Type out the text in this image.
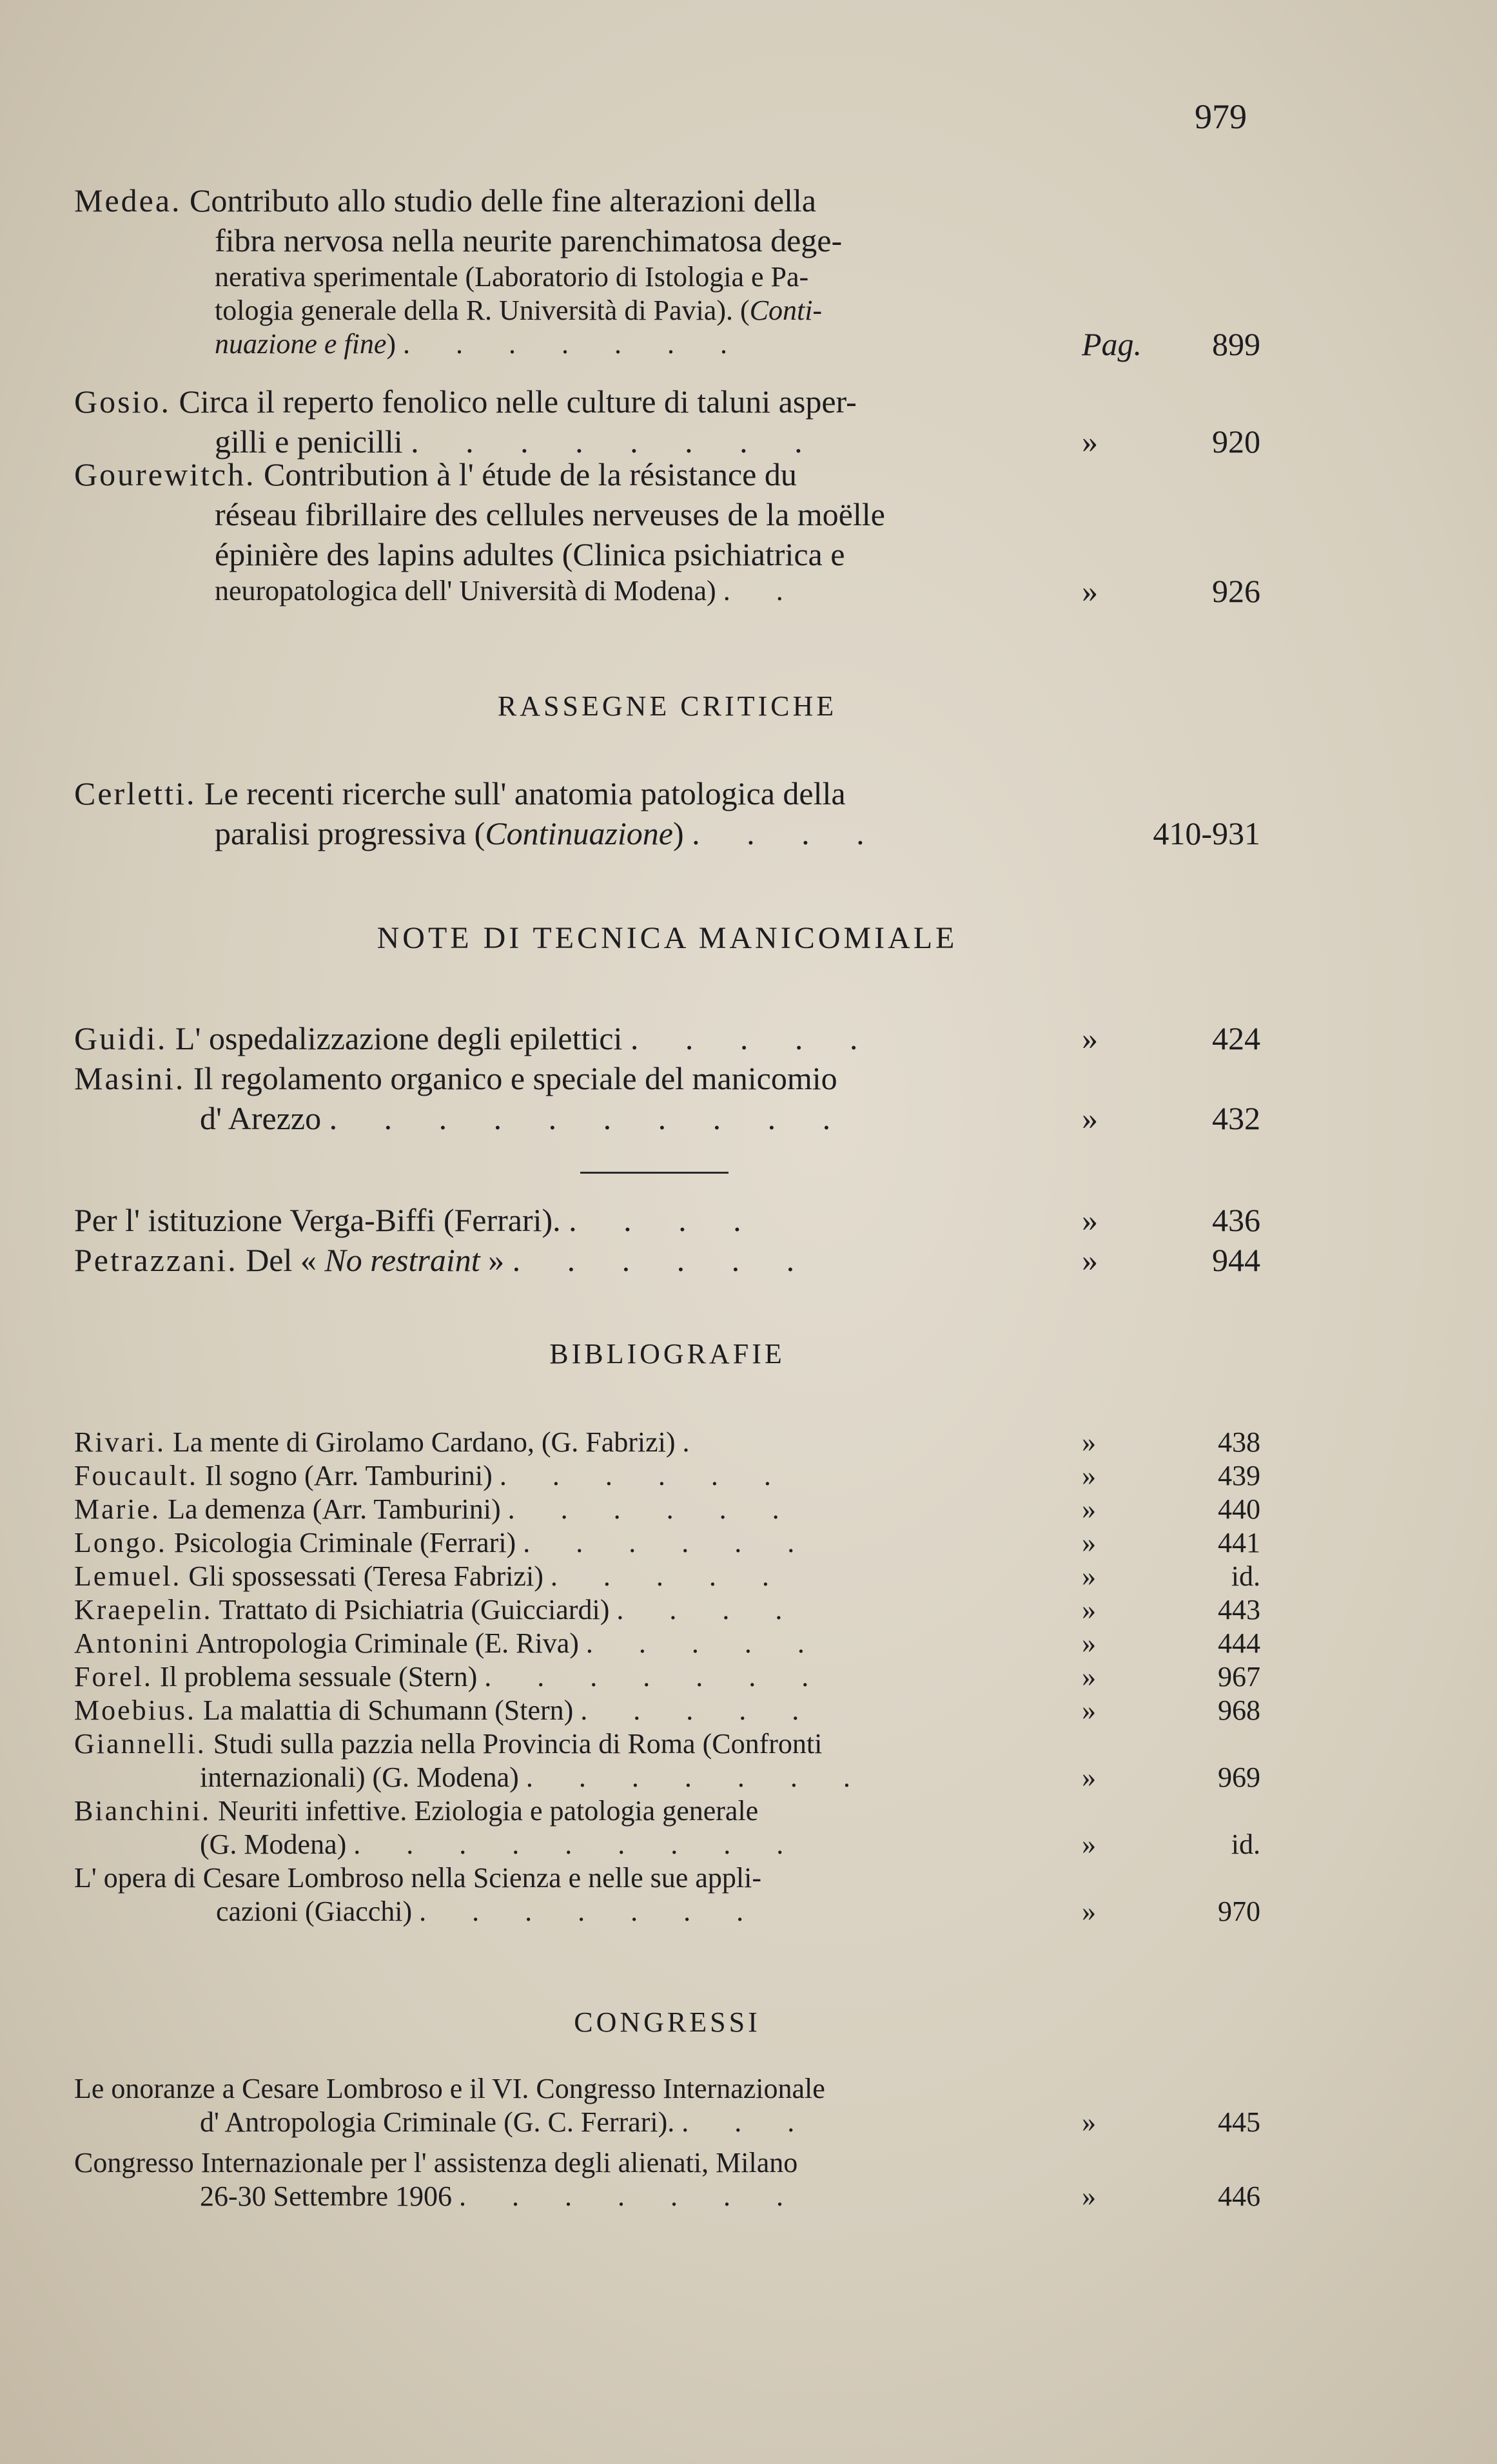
979
Medea. Contributo allo studio delle fine alterazioni della
fibra nervosa nella neurite parenchimatosa dege-
nerativa sperimentale (Laboratorio di Istologia e Pa-
tologia generale della R. Università di Pavia). (Conti-
nuazione e fine) . . . . . . .	Pag.	899
Gosio. Circa il reperto fenolico nelle culture di taluni asper-
gilli e penicilli . . . . . . . .	»	920
Gourewitch. Contribution à l' étude de la résistance du
réseau fibrillaire des cellules nerveuses de la moëlle
épinière des lapins adultes (Clinica psichiatrica e
neuropatologica dell' Università di Modena) . .	»	926
RASSEGNE CRITICHE
Cerletti. Le recenti ricerche sull' anatomia patologica della
paralisi progressiva (Continuazione) . . . .	410-931
NOTE DI TECNICA MANICOMIALE
Guidi. L' ospedalizzazione degli epilettici . . . . .	»	424
Masini. Il regolamento organico e speciale del manicomio
d' Arezzo . . . . . . . . . .	»	432
Per l' istituzione Verga-Biffi (Ferrari). . . . .	»	436
Petrazzani. Del « No restraint » . . . . . .	»	944
BIBLIOGRAFIE
Rivari. La mente di Girolamo Cardano, (G. Fabrizi) .	»	438
Foucault. Il sogno (Arr. Tamburini) . . . . . .	»	439
Marie. La demenza (Arr. Tamburini) . . . . . .	»	440
Longo. Psicologia Criminale (Ferrari) . . . . . .	»	441
Lemuel. Gli spossessati (Teresa Fabrizi) . . . . .	»	id.
Kraepelin. Trattato di Psichiatria (Guicciardi) . . . .	»	443
Antonini Antropologia Criminale (E. Riva) . . . . .	»	444
Forel. Il problema sessuale (Stern) . . . . . . .	»	967
Moebius. La malattia di Schumann (Stern) . . . . .	»	968
Giannelli. Studi sulla pazzia nella Provincia di Roma (Confronti
internazionali) (G. Modena) . . . . . . .	»	969
Bianchini. Neuriti infettive. Eziologia e patologia generale
(G. Modena) . . . . . . . . .	»	id.
L' opera di Cesare Lombroso nella Scienza e nelle sue appli-
cazioni (Giacchi) . . . . . . .	»	970
CONGRESSI
Le onoranze a Cesare Lombroso e il VI. Congresso Internazionale
d' Antropologia Criminale (G. C. Ferrari). . . .	»	445
Congresso Internazionale per l' assistenza degli alienati, Milano
26-30 Settembre 1906 . . . . . . .	»	446
